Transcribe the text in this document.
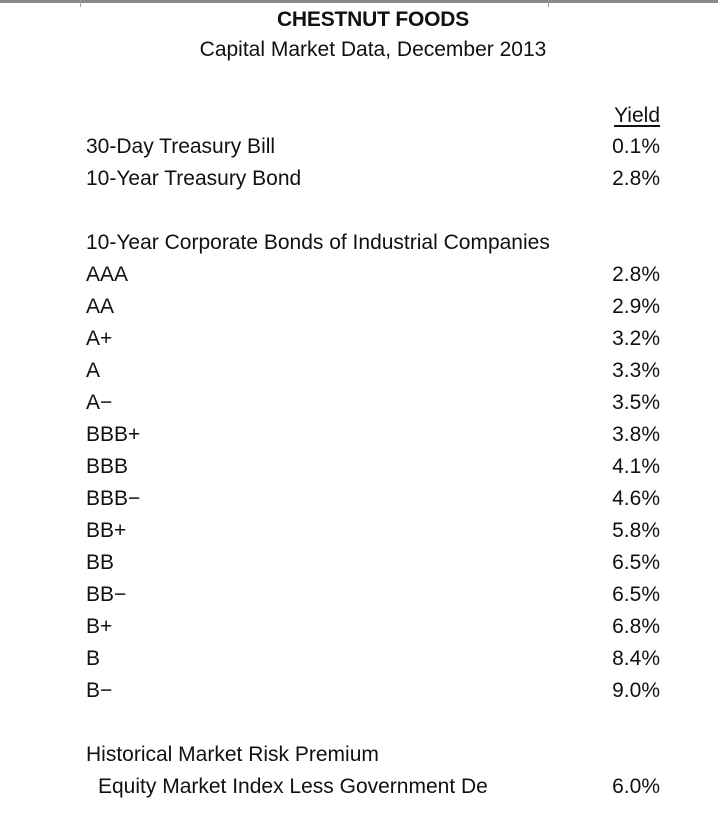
CHESTNUT FOODS
Capital Market Data, December 2013
Yield
30-Day Treasury Bill	0.1%
10-Year Treasury Bond	2.8%
10-Year Corporate Bonds of Industrial Companies
AAA	2.8%
AA	2.9%
A+	3.2%
A	3.3%
A−	3.5%
BBB+	3.8%
BBB	4.1%
BBB−	4.6%
BB+	5.8%
BB	6.5%
BB−	6.5%
B+	6.8%
B	8.4%
B−	9.0%
Historical Market Risk Premium
Equity Market Index Less Government De	6.0%
